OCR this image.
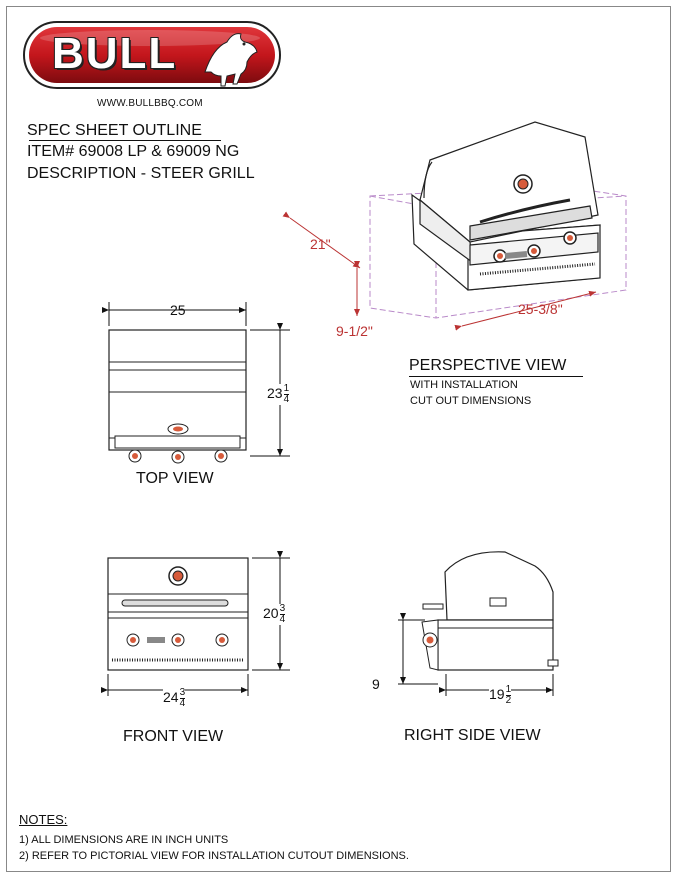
BULL
WWW.BULLBBQ.COM
SPEC SHEET OUTLINE
ITEM# 69008 LP & 69009 NG
DESCRIPTION - STEER GRILL
21"
9-1/2"
25-3/8"
PERSPECTIVE VIEW
WITH INSTALLATION
CUT OUT DIMENSIONS
25
$23 \frac{1}{4}$
TOP VIEW
$24 \frac{3}{4}$
$20 \frac{3}{4}$
FRONT VIEW
9
$19 \frac{1}{2}$
RIGHT SIDE VIEW
NOTES:
1) ALL DIMENSIONS ARE IN INCH UNITS
2) REFER TO PICTORIAL VIEW FOR INSTALLATION CUTOUT DIMENSIONS.
